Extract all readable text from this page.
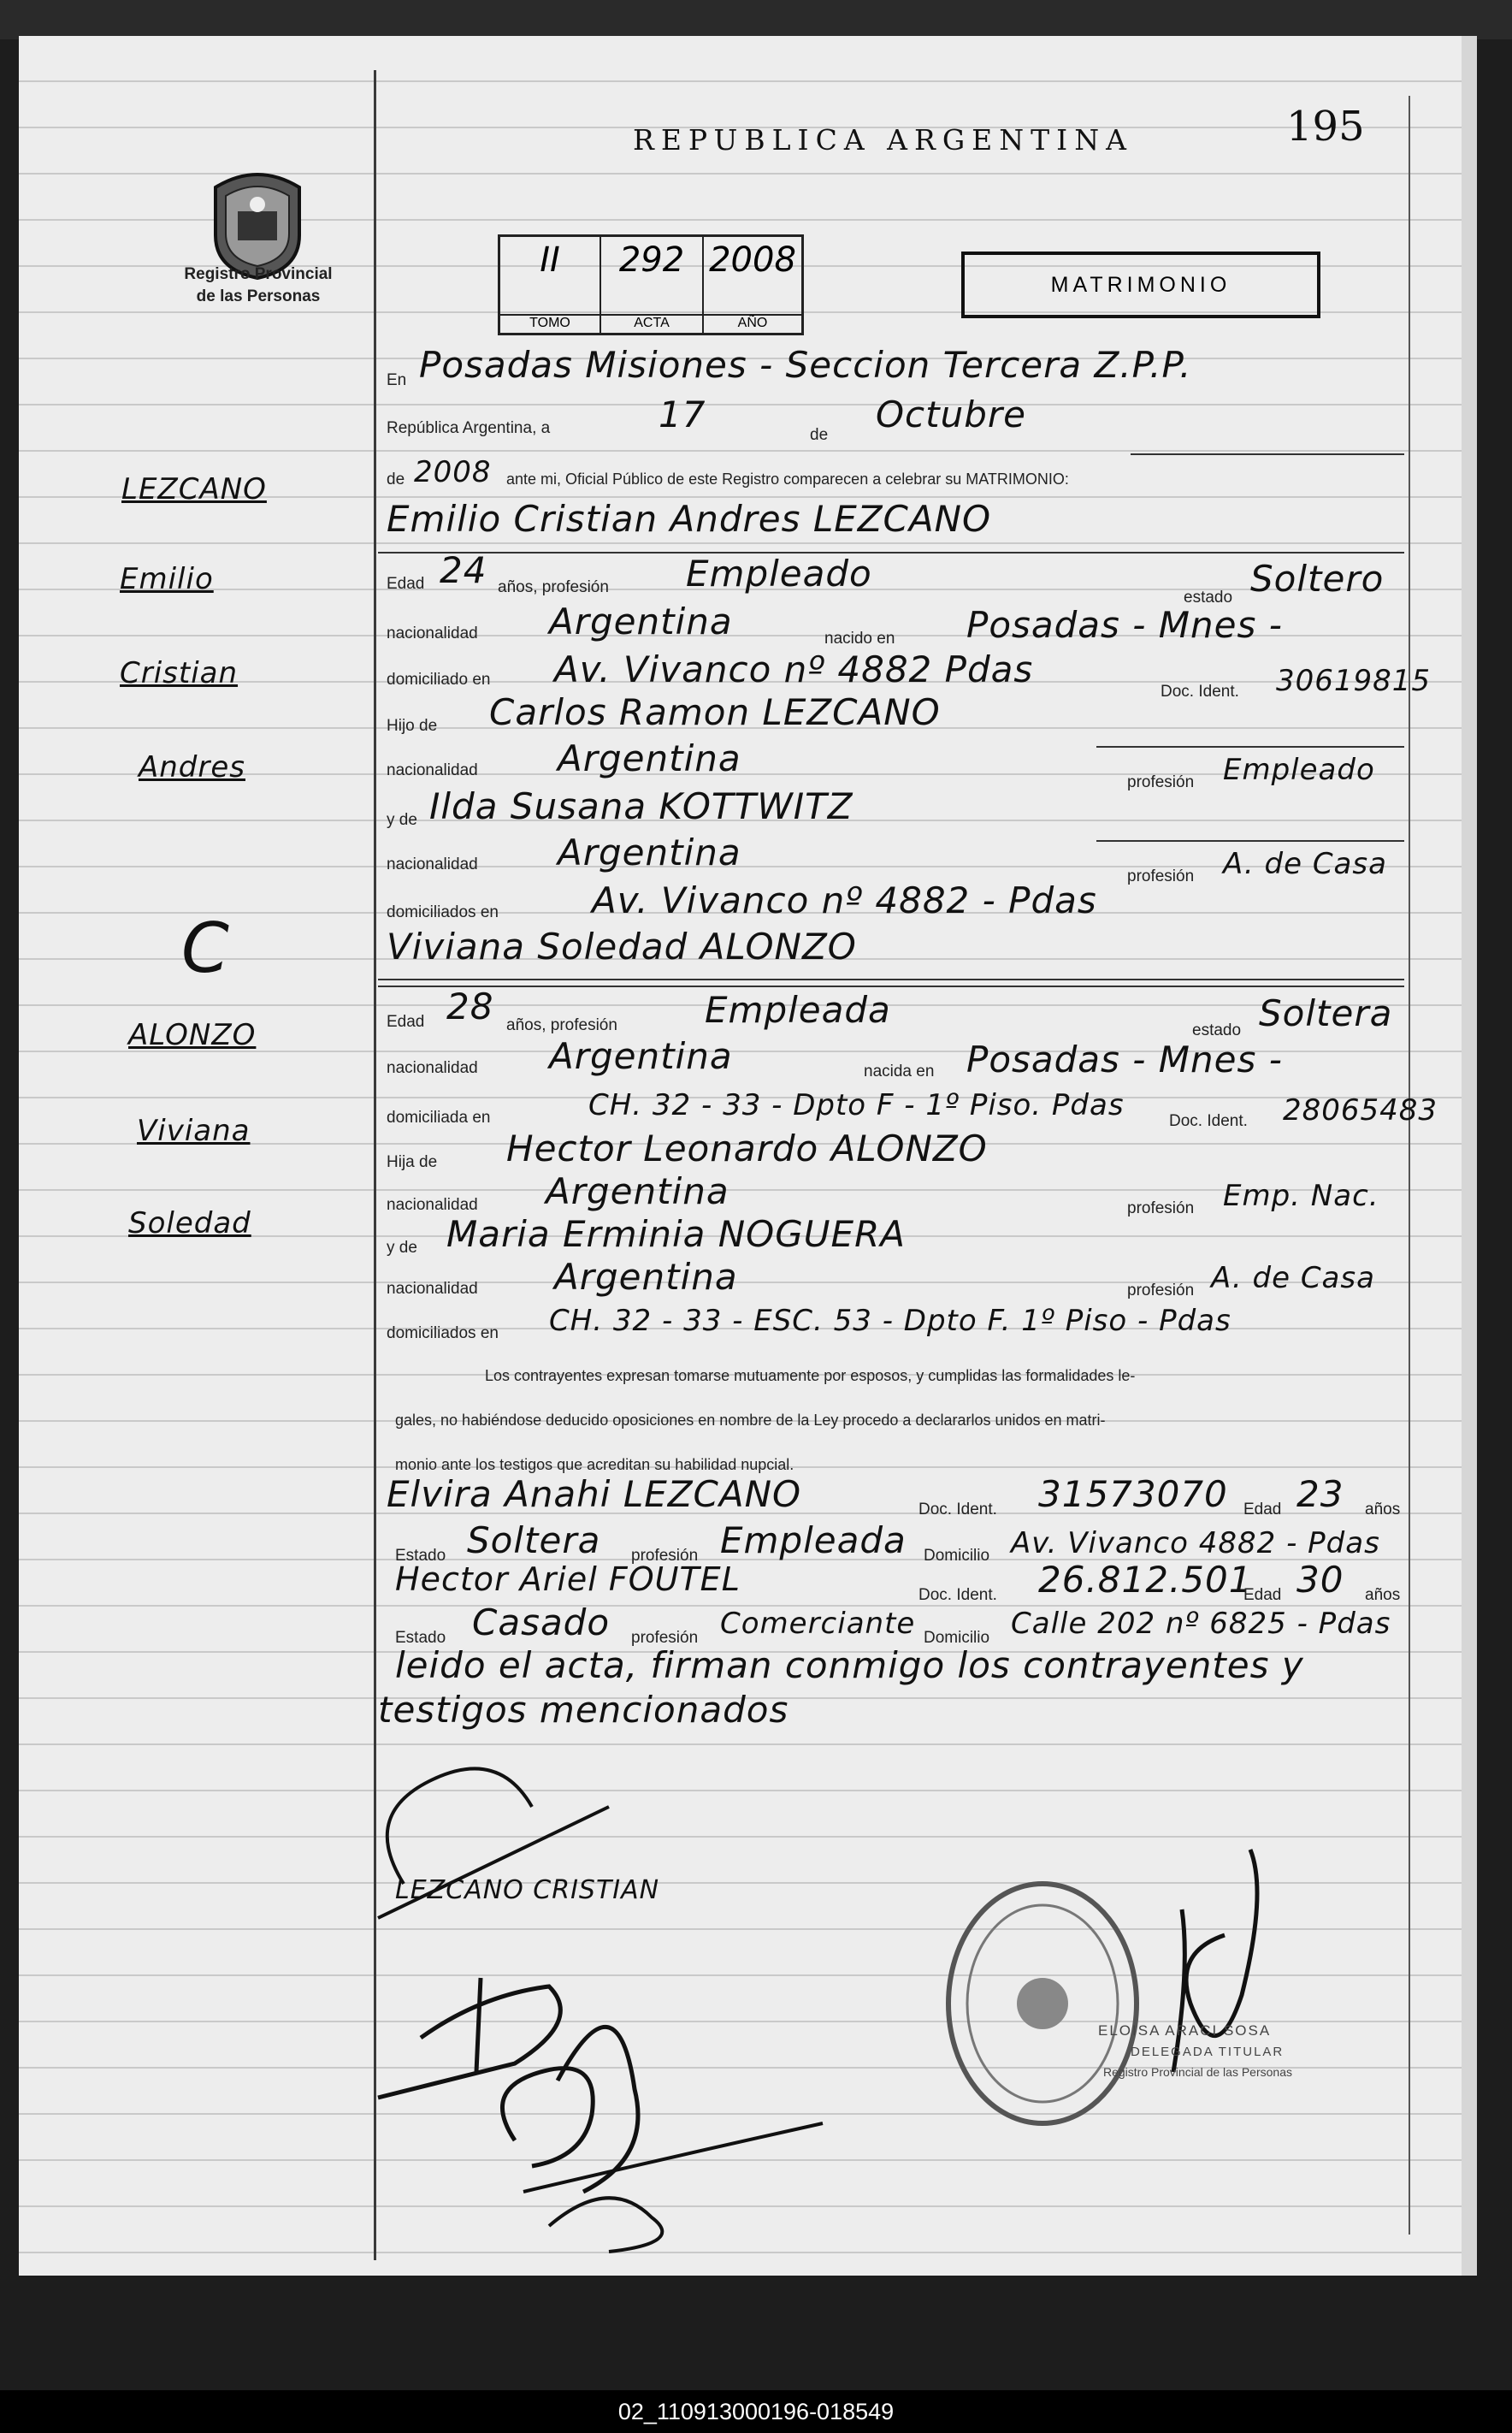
Registro Provincial
de las Personas
REPUBLICA ARGENTINA	195
II
TOMO
292
ACTA
2008
AÑO
MATRIMONIO
LEZCANO
Emilio
Cristian
Andres
C
ALONZO
Viviana
Soledad
En Posadas Misiones - Seccion Tercera Z.P.P.
República Argentina, a	17	de Octubre
de 2008 ante mi, Oficial Público de este Registro comparecen a celebrar su MATRIMONIO:
Emilio Cristian Andres LEZCANO
Edad 24 años, profesión Empleado
estado Soltero
nacionalidad Argentina	nacido en Posadas - Mnes -
domiciliado en Av. Vivanco nº 4882 Pdas
Doc. Ident. 30619815
Hijo de Carlos Ramon LEZCANO
nacionalidad Argentina
profesión Empleado
y de Ilda Susana KOTTWITZ
nacionalidad Argentina
profesión A. de Casa
domiciliados en	Av. Vivanco nº 4882 - Pdas
Viviana Soledad ALONZO
Edad 28 años, profesión Empleada	estado Soltera
nacionalidad Argentina	nacida en Posadas - Mnes -
domiciliada en	CH. 32 - 33 - Dpto F - 1º Piso. Pdas	Doc. Ident. 28065483
Hija de Hector Leonardo ALONZO
nacionalidad Argentina	profesión Emp. Nac.
y de Maria Erminia NOGUERA
nacionalidad Argentina	profesión A. de Casa
domiciliados en CH. 32 - 33 - ESC. 53 - Dpto F. 1º Piso - Pdas
Los contrayentes expresan tomarse mutuamente por esposos, y cumplidas las formalidades le-
gales, no habiéndose deducido oposiciones en nombre de la Ley procedo a declararlos unidos en matri-
monio ante los testigos que acreditan su habilidad nupcial.
Elvira Anahi LEZCANO	Doc. Ident. 31573070 Edad 23 años
Estado Soltera profesión Empleada Domicilio Av. Vivanco 4882 - Pdas
Hector Ariel FOUTEL	Doc. Ident. 26.812.501
Edad 30 años
Estado Casado profesión Comerciante Domicilio Calle 202 nº 6825 - Pdas
leido el acta, firman conmigo los contrayentes y
testigos mencionados
LEZCANO CRISTIAN
ELOISA ARACI SOSA
DELEGADA TITULAR
Registro Provincial de las Personas
02_110913000196-018549
